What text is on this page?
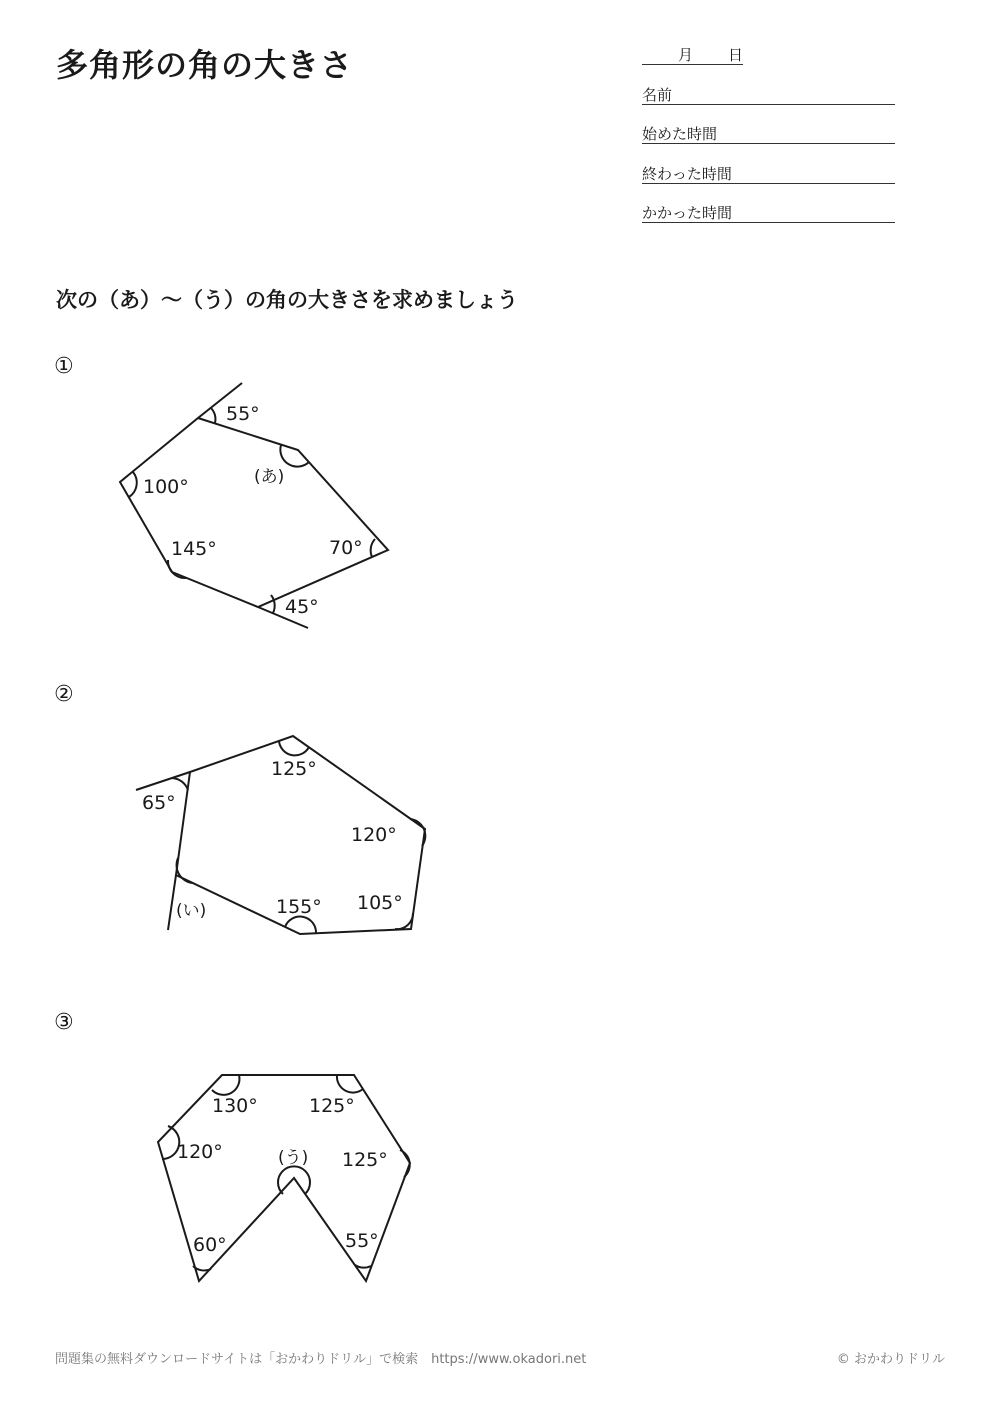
多角形の角の大きさ	月 日

名前
始めた時間
終わった時間
かかった時間
次の（あ）～（う）の角の大きさを求めましょう
①
②
③
55°
100°	(あ)
145°	70°
45°
65°
125°
120°
(い)	155° 105°
130°	125°
120°	(う) 125°
60°	55°
問題集の無料ダウンロードサイトは「おかわりドリル」で検索　https://www.okadori.net	© おかわりドリル
